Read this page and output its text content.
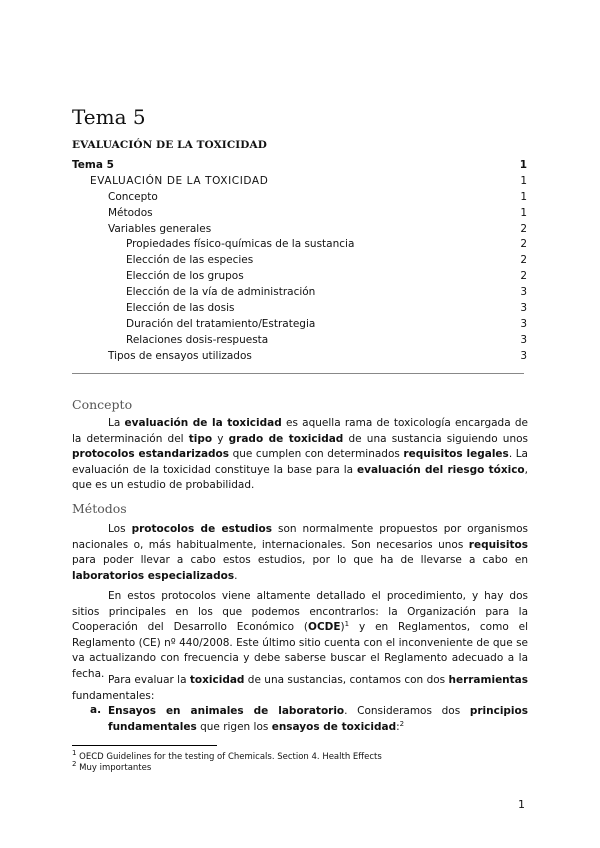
Tema 5
EVALUACIÓN DE LA TOXICIDAD
Tema 5	1
EVALUACIÓN DE LA TOXICIDAD	1
Concepto	1
Métodos	1
Variables generales	2
Propiedades físico-químicas de la sustancia	2
Elección de las especies	2
Elección de los grupos	2
Elección de la vía de administración	3
Elección de las dosis	3
Duración del tratamiento/Estrategia	3
Relaciones dosis-respuesta	3
Tipos de ensayos utilizados	3
Concepto

La evaluación de la toxicidad es aquella rama de toxicología encargada de la determinación del tipo y grado de toxicidad de una sustancia siguiendo unos protocolos estandarizados que cumplen con determinados requisitos legales. La evaluación de la toxicidad constituye la base para la evaluación del riesgo tóxico, que es un estudio de probabilidad.

Métodos

Los protocolos de estudios son normalmente propuestos por organismos nacionales o, más habitualmente, internacionales. Son necesarios unos requisitos para poder llevar a cabo estos estudios, por lo que ha de llevarse a cabo en laboratorios especializados.

En estos protocolos viene altamente detallado el procedimiento, y hay dos sitios principales en los que podemos encontrarlos: la Organización para la Cooperación del Desarrollo Económico (OCDE)$^1$ y en Reglamentos, como el Reglamento (CE) nº 440/2008. Este último sitio cuenta con el inconveniente de que se va actualizando con frecuencia y debe saberse buscar el Reglamento adecuado a la fecha.

Para evaluar la toxicidad de una sustancias, contamos con dos herramientas fundamentales:

a. Ensayos en animales de laboratorio. Consideramos dos principios fundamentales que rigen los ensayos de toxicidad:$^2$

$^1$ OECD Guidelines for the testing of Chemicals. Section 4. Health Effects
$^2$ Muy importantes
1
